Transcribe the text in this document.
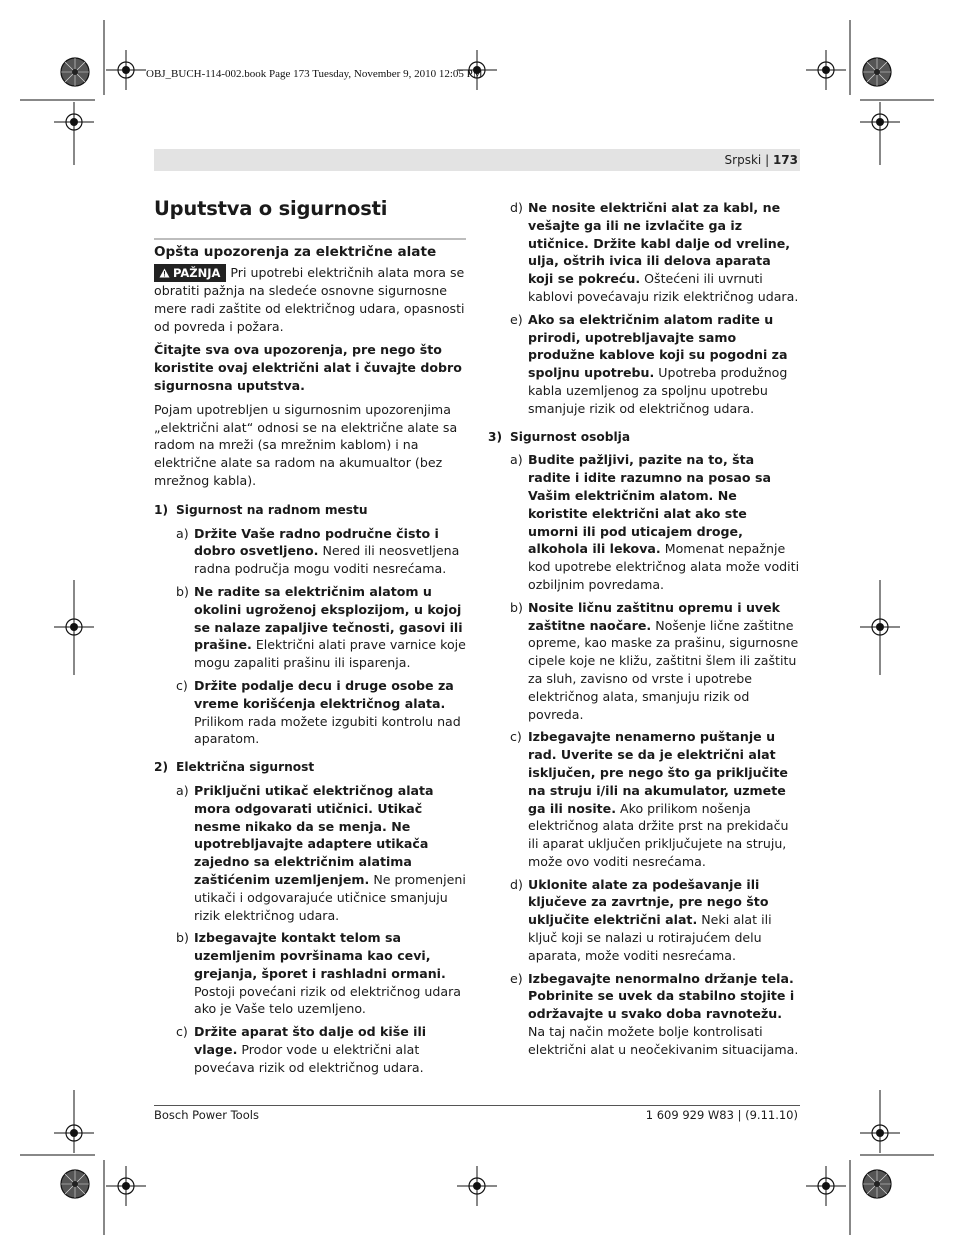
OBJ_BUCH-114-002.book Page 173 Tuesday, November 9, 2010 12:05 PM
Srpski | 173
Uputstva o sigurnosti
Opšta upozorenja za električne alate

PAŽNJA Pri upotrebi električnih alata mora se obratiti pažnja na sledeće osnovne sigurnosne mere radi zaštite od električnog udara, opasnosti od povreda i požara.

Čitajte sva ova upozorenja, pre nego što koristite ovaj električni alat i čuvajte dobro sigurnosna uputstva.

Pojam upotrebljen u sigurnosnim upozorenjima „električni alat“ odnosi se na električne alate sa radom na mreži (sa mrežnim kablom) i na električne alate sa radom na akumualtor (bez mrežnog kabla).

1) Sigurnost na radnom mestu
a) Držite Vaše radno područne čisto i dobro osvetljeno. Nered ili neosvetljena radna područja mogu voditi nesrećama.
b) Ne radite sa električnim alatom u okolini ugroženoj eksplozijom, u kojoj se nalaze zapaljive tečnosti, gasovi ili prašine. Električni alati prave varnice koje mogu zapaliti prašinu ili isparenja.
c) Držite podalje decu i druge osobe za vreme korišćenja električnog alata. Prilikom rada možete izgubiti kontrolu nad aparatom.
2) Električna sigurnost
a) Priključni utikač električnog alata mora odgovarati utičnici. Utikač nesme nikako da se menja. Ne upotrebljavajte adaptere utikača zajedno sa električnim alatima zaštićenim uzemljenjem. Ne promenjeni utikači i odgovarajuće utičnice smanjuju rizik električnog udara.
b) Izbegavajte kontakt telom sa uzemljenim površinama kao cevi, grejanja, šporet i rashladni ormani. Postoji povećani rizik od električnog udara ako je Vaše telo uzemljeno.
c) Držite aparat što dalje od kiše ili vlage. Prodor vode u električni alat povećava rizik od električnog udara.
d) Ne nosite električni alat za kabl, ne vešajte ga ili ne izvlačite ga iz utičnice. Držite kabl dalje od vreline, ulja, oštrih ivica ili delova aparata koji se pokreću. Oštećeni ili uvrnuti kablovi povećavaju rizik električnog udara.
e) Ako sa električnim alatom radite u prirodi, upotrebljavajte samo produžne kablove koji su pogodni za spoljnu upotrebu. Upotreba produžnog kabla uzemljenog za spoljnu upotrebu smanjuje rizik od električnog udara.
3) Sigurnost osoblja
a) Budite pažljivi, pazite na to, šta radite i idite razumno na posao sa Vašim električnim alatom. Ne koristite električni alat ako ste umorni ili pod uticajem droge, alkohola ili lekova. Momenat nepažnje kod upotrebe električnog alata može voditi ozbiljnim povredama.
b) Nosite ličnu zaštitnu opremu i uvek zaštitne naočare. Nošenje lične zaštitne opreme, kao maske za prašinu, sigurnosne cipele koje ne kližu, zaštitni šlem ili zaštitu za sluh, zavisno od vrste i upotrebe električnog alata, smanjuju rizik od povreda.
c) Izbegavajte nenamerno puštanje u rad. Uverite se da je električni alat isključen, pre nego što ga priključite na struju i/ili na akumulator, uzmete ga ili nosite. Ako prilikom nošenja električnog alata držite prst na prekidaču ili aparat uključen priključujete na struju, može ovo voditi nesrećama.
d) Uklonite alate za podešavanje ili ključeve za zavrtnje, pre nego što uključite električni alat. Neki alat ili ključ koji se nalazi u rotirajućem delu aparata, može voditi nesrećama.
e) Izbegavajte nenormalno držanje tela. Pobrinite se uvek da stabilno stojite i održavajte u svako doba ravnotežu. Na taj način možete bolje kontrolisati električni alat u neočekivanim situacijama.
Bosch Power Tools	1 609 929 W83 | (9.11.10)
